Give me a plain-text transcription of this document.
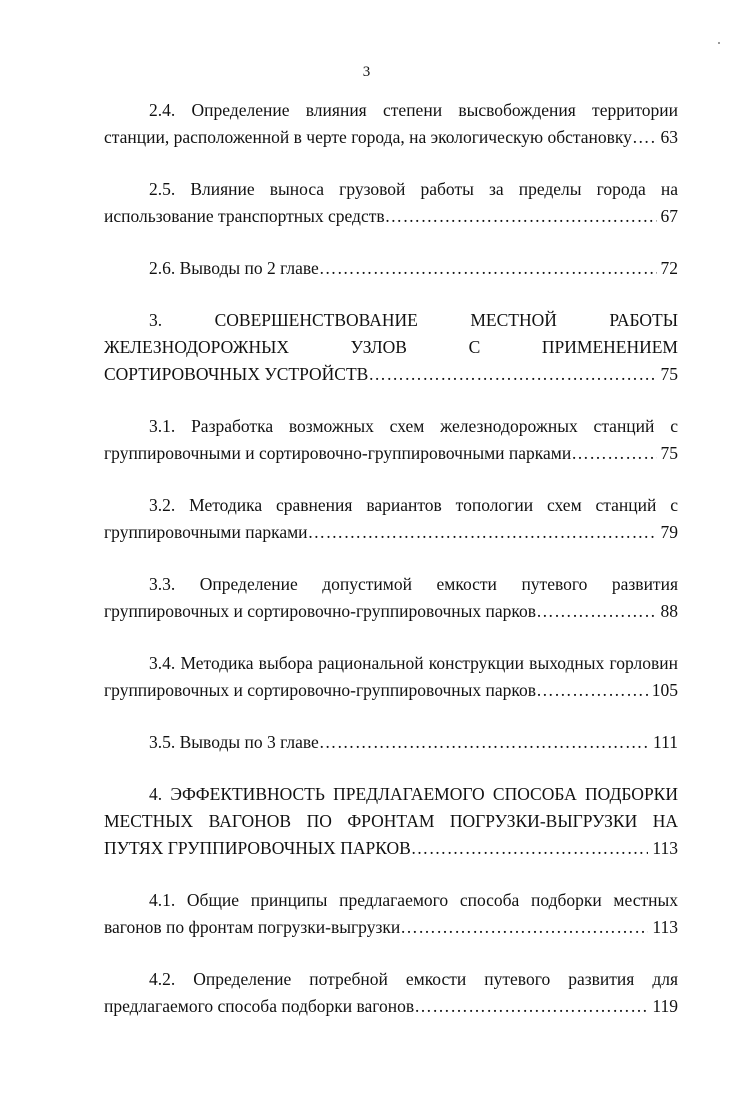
3
2.4. Определение влияния степени высвобождения территории
станции, расположенной в черте города, на экологическую обстановку ……………………………………………………………………………………………………………………………………………………………………………… 63
2.5. Влияние выноса грузовой работы за пределы города на
использование транспортных средств ………………………………………………………………………………………………………………………………………………………………………………	67
2.6. Выводы по 2 главе ………………………………………………………………………………………………………………………………………………………………………………	72
3. СОВЕРШЕНСТВОВАНИЕ МЕСТНОЙ РАБОТЫ
ЖЕЛЕЗНОДОРОЖНЫХ УЗЛОВ С ПРИМЕНЕНИЕМ
СОРТИРОВОЧНЫХ УСТРОЙСТВ ………………………………………………………………………………………………………………………………………………………………………………	75
3.1. Разработка возможных схем железнодорожных станций с
группировочными и сортировочно-группировочными парками ………………………………………………………………………………………………………………………………………………………………………………	75
3.2. Методика сравнения вариантов топологии схем станций с
группировочными парками ………………………………………………………………………………………………………………………………………………………………………………	79
3.3. Определение допустимой емкости путевого развития
группировочных и сортировочно-группировочных парков ………………………………………………………………………………………………………………………………………………………………………………	88
3.4. Методика выбора рациональной конструкции выходных горловин
группировочных и сортировочно-группировочных парков ………………………………………………………………………………………………………………………………………………………………………………	105
3.5. Выводы по 3 главе ………………………………………………………………………………………………………………………………………………………………………………	111
4. ЭФФЕКТИВНОСТЬ ПРЕДЛАГАЕМОГО СПОСОБА ПОДБОРКИ
МЕСТНЫХ ВАГОНОВ ПО ФРОНТАМ ПОГРУЗКИ-ВЫГРУЗКИ НА
ПУТЯХ ГРУППИРОВОЧНЫХ ПАРКОВ ………………………………………………………………………………………………………………………………………………………………………………	113
4.1. Общие принципы предлагаемого способа подборки местных
вагонов по фронтам погрузки-выгрузки ………………………………………………………………………………………………………………………………………………………………………………	113
4.2. Определение потребной емкости путевого развития для
предлагаемого способа подборки вагонов ………………………………………………………………………………………………………………………………………………………………………………	119
